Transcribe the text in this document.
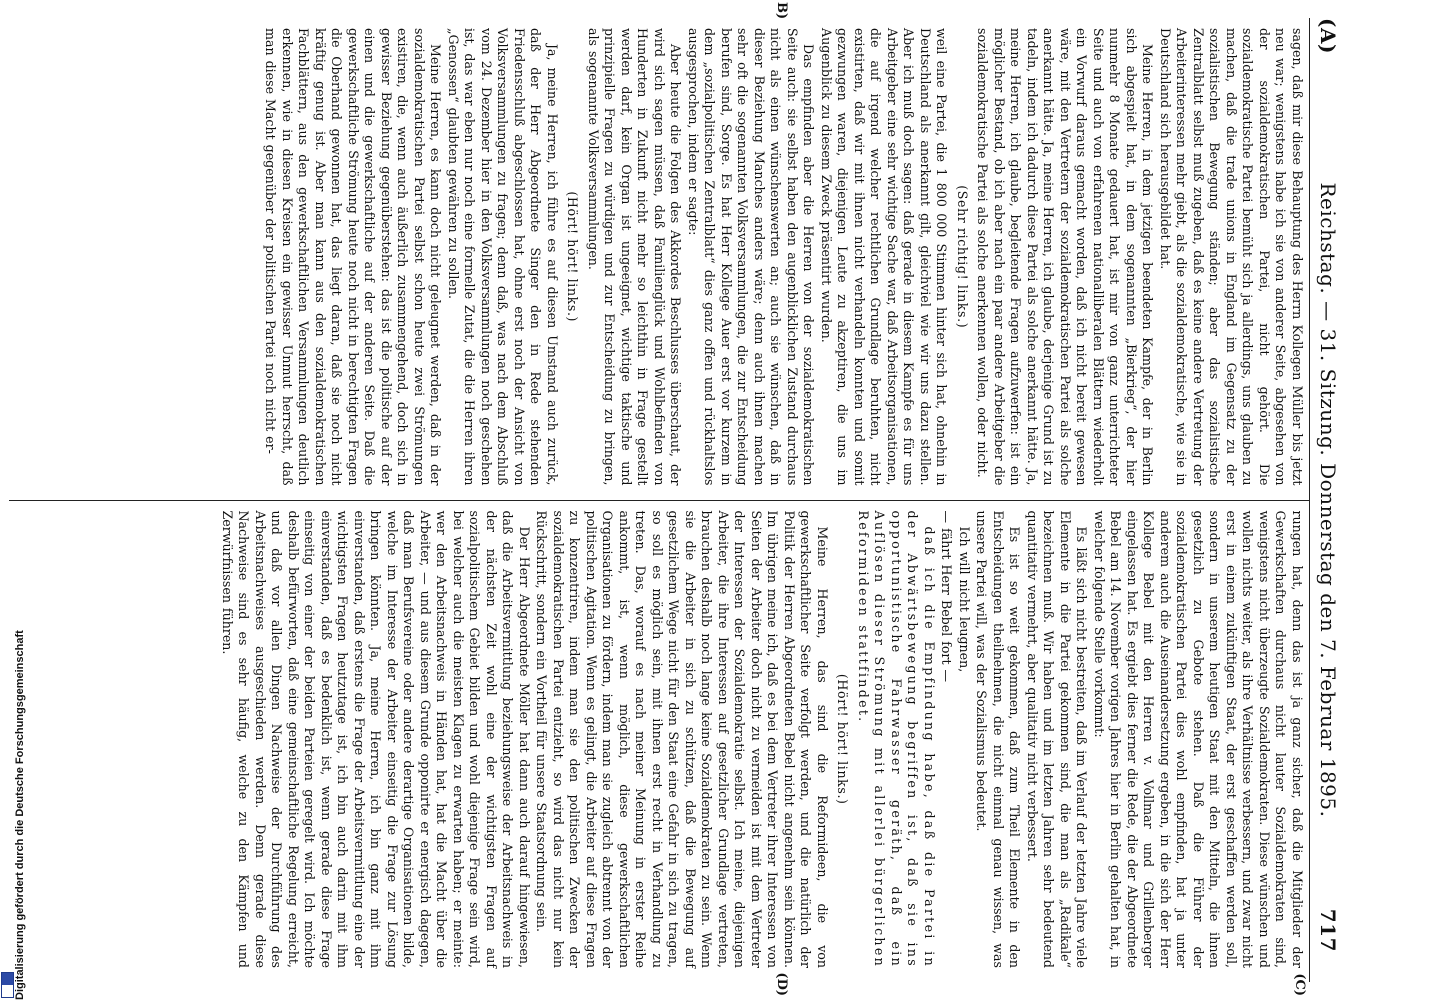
Digitalisierung gefördert durch die Deutsche Forschungsgemeinschaft
(A)
Reichstag. — 31. Sitzung. Donnerstag den 7. Februar 1895.
717

sagen, daß mir diese Behauptung des Herrn Kollegen Müller bis jetzt neu war; wenigstens habe ich sie von anderer Seite, abgesehen von der sozialdemokratischen Partei, nicht gehört. Die sozialdemokratische Partei bemüht sich ja allerdings, uns glauben zu machen, daß die trade unions in England im Gegensatz zu der sozialistischen Bewegung ständen; aber das sozialistische Zentralblatt selbst muß zugeben, daß es keine andere Vertretung der Arbeiterinteressen mehr giebt, als die sozialdemokratische, wie sie in Deutschland sich herausgebildet hat.

Meine Herren, in dem jetzigen beendeten Kampfe, der in Berlin sich abgespielt hat, in dem sogenannten „Bierkrieg“, der hier nunmehr 8 Monate gedauert hat, ist mir von ganz unterrichteter Seite und auch von erfahrenen nationalliberalen Blättern wiederholt ein Vorwurf daraus gemacht worden, daß ich nicht bereit gewesen wäre, mit den Vertretern der sozialdemokratischen Partei als solche anerkannt hätte. Ja, meine Herren, ich glaube, derjenige Grund ist zu tadeln, indem ich dadurch diese Partei als solche anerkannt hätte. Ja, meine Herren, ich glaube, begleitende Fragen aufzuwerfen: ist ein möglicher Bestand, ob ich aber nach ein paar andere Arbeitgeber die sozialdemokratische Partei als solche anerkennen wollen, oder nicht.

(Sehr richtig! links.)

weil eine Partei, die 1 800 000 Stimmen hinter sich hat, ohnehin in Deutschland als anerkannt gilt, gleichviel wie wir uns dazu stellen. Aber ich muß doch sagen: daß gerade in diesem Kampfe es für uns Arbeitgeber eine sehr wichtige Sache war, daß Arbeitsorganisationen, die auf irgend welcher rechtlichen Grundlage beruhten, nicht existirten, daß wir mit ihnen nicht verhandeln konnten und somit gezwungen waren, diejenigen Leute zu akzeptiren, die uns im Augenblick zu diesem Zweck präsentirt wurden.

Das empfinden aber die Herren von der sozialdemokratischen Seite auch: sie selbst haben den augenblicklichen Zustand durchaus nicht als einen wünschenswerten an; auch sie wünschen, daß in dieser Beziehung Manches anders wäre; denn auch ihnen machen sehr oft die sogenannten Volksversammlungen, die zur Entscheidung berufen sind, Sorge. Es hat Herr Kollege Auer erst vor kurzem in dem „sozialpolitischen Zentralblatt“ dies ganz offen und rückhaltslos ausgesprochen, indem er sagte:

Aber heute die Folgen des Akkordes Beschlusses überschaut, der wird sich sagen müssen, daß Familienglück und Wohlbefinden von Hunderten in Zukunft nicht mehr so leichthin in Frage gestellt werden darf, kein Organ ist ungeeignet, wichtige taktische und prinzipielle Fragen zu würdigen und zur Entscheidung zu bringen, als sogenannte Volksversammlungen.

(Hört! hört! links.)

Ja, meine Herren, ich führe es auf diesen Umstand auch zurück, daß der Herr Abgeordnete Singer den in Rede stehenden Friedensschluß abgeschlossen hat, ohne erst noch der Ansicht von Volksversammlungen zu fragen; denn daß, was nach dem Abschluß vom 24. Dezember hier in den Volksversammlungen noch geschehen ist, das war eben nur noch eine formelle Zutat, die die Herren ihren „Genossen“ glaubten gewähren zu sollen.

Meine Herren, es kann doch nicht geleugnet werden, daß in der sozialdemokratischen Partei selbst schon heute zwei Strömungen existiren, die, wenn auch äußerlich zusammengehend, doch sich in gewisser Beziehung gegenüberstehen: das ist die politische auf der einen und die gewerkschaftliche auf der anderen Seite. Daß die gewerkschaftliche Strömung heute noch nicht in berechtigten Fragen die Oberhand gewonnen hat, das liegt daran, daß sie noch nicht kräftig genug ist. Aber man kann aus den sozialdemokratischen Fachblättern, aus den gewerkschaftlichen Versammlungen deutlich erkennen, wie in diesen Kreisen ein gewisser Unmut herrscht, daß man diese Macht gegenüber der politischen Partei noch nicht er-

rungen hat, denn das ist ja ganz sicher, daß die Mitglieder der Gewerkschaften durchaus nicht lauter Sozialdemokraten sind, wenigstens nicht überzeugte Sozialdemokraten. Diese wünschen und wollen nichts weiter, als ihre Verhältnisse verbessern, und zwar nicht erst in einem zukünftigen Staat, der erst geschaffen werden soll, sondern in unserem heutigen Staat mit den Mitteln, die ihnen gesetzlich zu Gebote stehen. Daß die Führer der sozialdemokratischen Partei dies wohl empfinden, hat ja unter anderem auch die Auseinandersetzung ergeben, in die sich der Herr Kollege Bebel mit den Herren v. Vollmar und Grillenberger eingelassen hat. Es ergiebt dies ferner die Rede, die der Abgeordnete Bebel am 14. November vorigen Jahres hier in Berlin gehalten hat, in welcher folgende Stelle vorkommt:

Es läßt sich nicht bestreiten, daß im Verlauf der letzten Jahre viele Elemente in die Partei gekommen sind, die man als „Radikale“ bezeichnen muß. Wir haben und im letzten Jahren sehr bedeutend quantitativ vermehrt, aber qualitativ nicht verbessert.

Es ist so weit gekommen, daß zum Theil Elemente in den Entscheidungen theilnehmen, die nicht einmal genau wissen, was unsere Partei will, was der Sozialismus bedeutet.

Ich will nicht leugnen,

— fährt Herr Bebel fort —

daß ich die Empfindung habe, daß die Partei in der Abwärtsbewegung begriffen ist, daß sie ins opportunistische Fahrwasser geräth, daß ein Auflösen dieser Strömung mit allerlei bürgerlichen Reformideen stattfindet.

(Hört! hört! links.)

Meine Herren, das sind die Reformideen, die von gewerkschaftlicher Seite verfolgt werden, und die natürlich der Politik der Herren Abgeordneten Bebel nicht angenehm sein können. Im übrigen meine ich, daß es bei dem Vertreter ihrer Interessen von Seiten der Arbeiter doch nicht zu vermeiden ist mit dem Vertreter der Interessen der Sozialdemokratie selbst. Ich meine, diejenigen Arbeiter, die ihre Interessen auf gesetzlicher Grundlage vertreten, brauchen deshalb noch lange keine Sozialdemokraten zu sein. Wenn sie die Arbeiter in sich zu schützen, daß die Bewegung auf gesetzlichem Wege nicht für den Staat eine Gefahr in sich zu tragen, so soll es möglich sein, mit ihnen erst recht in Verhandlung zu treten. Das, worauf es nach meiner Meinung in erster Reihe ankommt, ist, wenn möglich, diese gewerkschaftlichen Organisationen zu fördern, indem man sie zugleich abtrennt von der politischen Agitation. Wenn es gelingt, die Arbeiter auf diese Fragen zu konzentriren, indem man sie den politischen Zwecken der sozialdemokratischen Partei entzieht, so wird das nicht nur kein Rückschritt, sondern ein Vortheil für unsere Staatsordnung sein.

Der Herr Abgeordnete Möller hat dann auch darauf hingewiesen, daß die Arbeitsvermittlung beziehungsweise der Arbeitsnachweis in der nächsten Zeit wohl eine der wichtigsten Fragen auf sozialpolitischem Gebiet bilden und wohl diejenige Frage sein wird, bei welcher auch die meisten Klagen zu erwarten haben; er meinte: wer den Arbeitsnachweis in Händen hat, hat die Macht über die Arbeiter, — und aus diesem Grunde opponirte er energisch dagegen, daß man Berufsvereine oder andere derartige Organisationen bilde, welche im Interesse der Arbeiter einseitig die Frage zur Lösung bringen könnten. Ja, meine Herren, ich bin ganz mit ihm einverstanden, daß erstens die Frage der Arbeitsvermittlung eine der wichtigsten Fragen heutzutage ist, ich bin auch darin mit ihm einverstanden, daß es bedenklich ist, wenn gerade diese Frage einseitig von einer der beiden Parteien geregelt wird. Ich möchte deshalb befürworten, daß eine gemeinschaftliche Regelung erreicht, und daß vor allen Dingen Nachweise der Durchführung des Arbeitsnachweises ausgeschieden werden. Denn gerade diese Nachweise sind es sehr häufig, welche zu den Kämpfen und Zerwürfnissen führen.

(C)
B)
(D)
